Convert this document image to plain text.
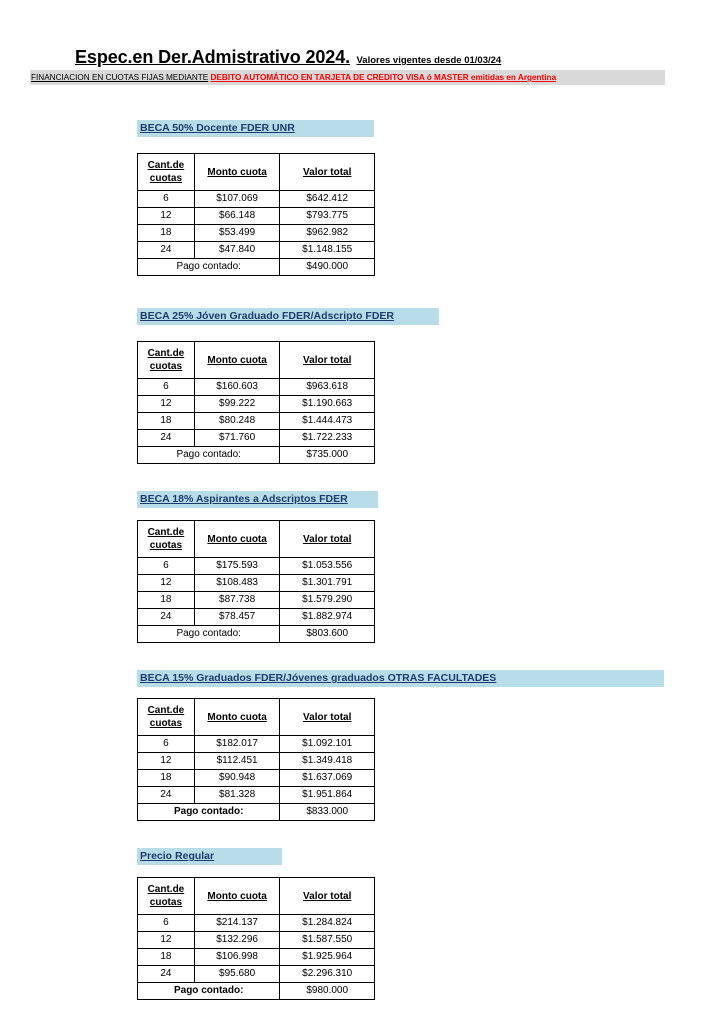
Espec.en Der.Admistrativo 2024. Valores vigentes desde 01/03/24
FINANCIACION EN CUOTAS FIJAS MEDIANTE DEBITO AUTOMÁTICO EN TARJETA DE CREDITO VISA ó MASTER emitidas en Argentina
BECA 50% Docente FDER UNR
Cant.de
cuotas	Monto cuota	Valor total
6	$107.069	$642.412
12	$66.148	$793.775
18	$53.499	$962.982
24	$47.840	$1.148.155
Pago contado:		$490.000
BECA 25% Jóven Graduado FDER/Adscripto FDER
Cant.de
cuotas	Monto cuota	Valor total
6	$160.603	$963.618
12	$99.222	$1.190.663
18	$80.248	$1.444.473
24	$71.760	$1.722.233
Pago contado:		$735.000
BECA 18% Aspirantes a Adscriptos FDER
Cant.de
cuotas	Monto cuota	Valor total
6	$175.593	$1.053.556
12	$108.483	$1.301.791
18	$87.738	$1.579.290
24	$78.457	$1.882.974
Pago contado:		$803.600
BECA 15% Graduados FDER/Jóvenes graduados OTRAS FACULTADES
Cant.de
cuotas	Monto cuota	Valor total
6	$182.017	$1.092.101
12	$112.451	$1.349.418
18	$90.948	$1.637.069
24	$81.328	$1.951.864
Pago contado:		$833.000
Precio Regular
Cant.de
cuotas	Monto cuota	Valor total
6	$214.137	$1.284.824
12	$132.296	$1.587.550
18	$106.998	$1.925.964
24	$95.680	$2.296.310
Pago contado:		$980.000
